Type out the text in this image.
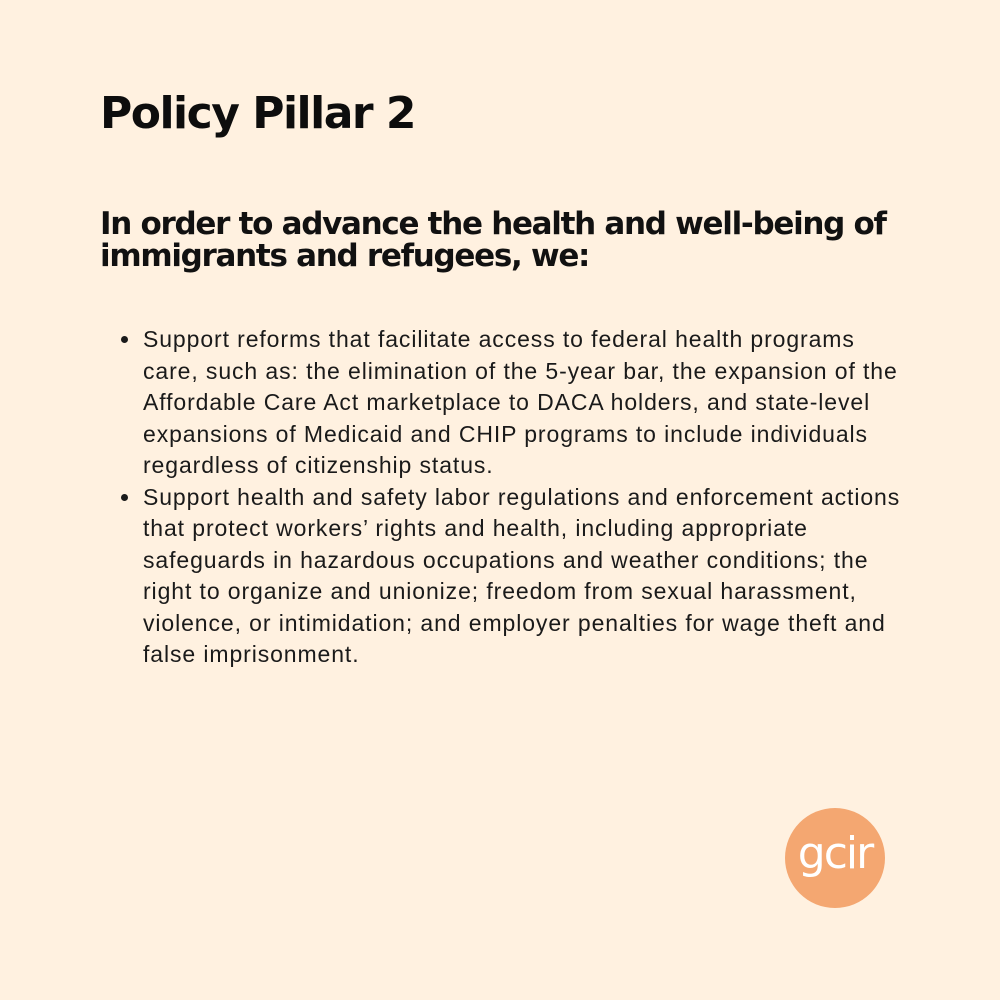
Policy Pillar 2
In order to advance the health and well-being of immigrants and refugees, we:
Support reforms that facilitate access to federal health programs care, such as: the elimination of the 5-year bar, the expansion of the Affordable Care Act marketplace to DACA holders, and state-level expansions of Medicaid and CHIP programs to include individuals regardless of citizenship status.
Support health and safety labor regulations and enforcement actions that protect workers’ rights and health, including appropriate safeguards in hazardous occupations and weather conditions; the right to organize and unionize; freedom from sexual harassment, violence, or intimidation; and employer penalties for wage theft and false imprisonment.
gcir
